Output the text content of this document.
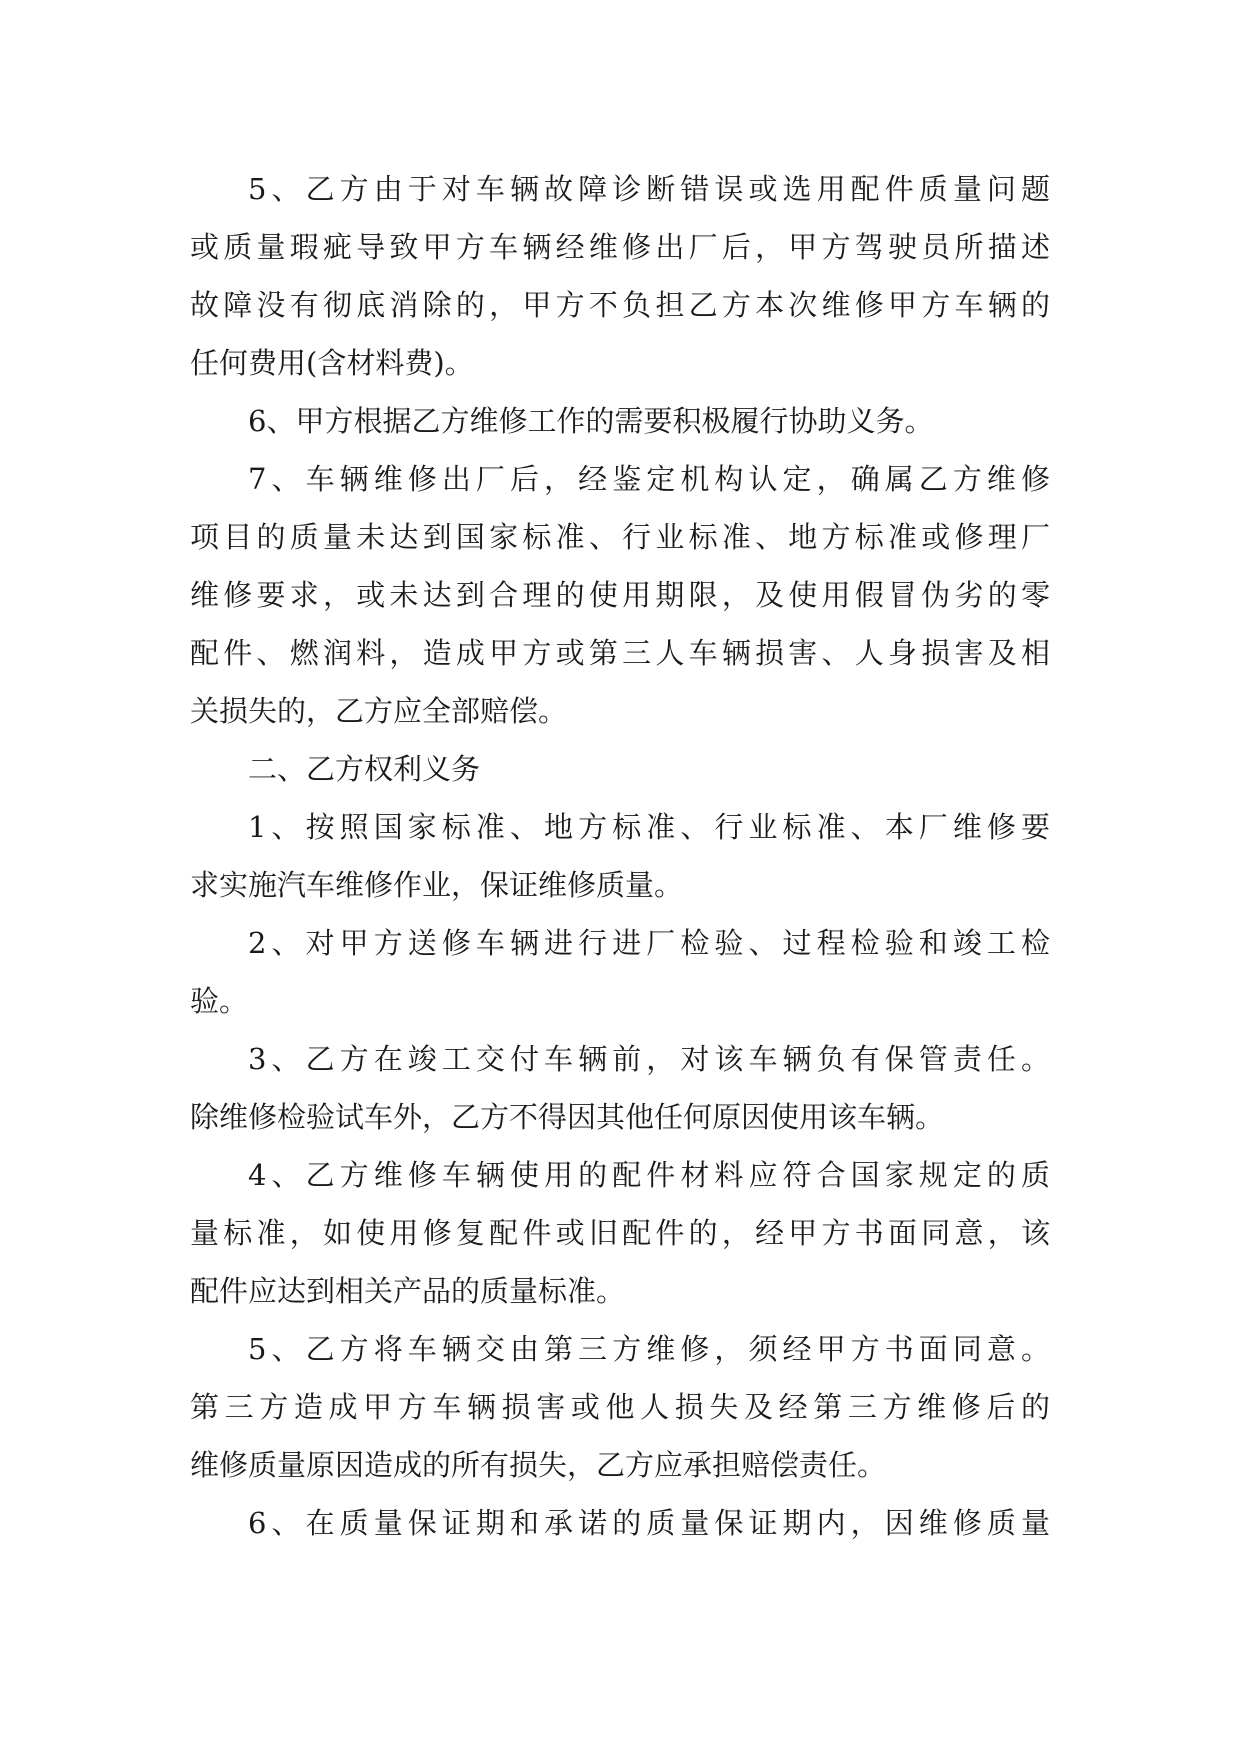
5、乙方由于对车辆故障诊断错误或选用配件质量问题
或质量瑕疵导致甲方车辆经维修出厂后，甲方驾驶员所描述
故障没有彻底消除的，甲方不负担乙方本次维修甲方车辆的
任何费用(含材料费)。
6、甲方根据乙方维修工作的需要积极履行协助义务。
7、车辆维修出厂后，经鉴定机构认定，确属乙方维修
项目的质量未达到国家标准、行业标准、地方标准或修理厂
维修要求，或未达到合理的使用期限，及使用假冒伪劣的零
配件、燃润料，造成甲方或第三人车辆损害、人身损害及相
关损失的，乙方应全部赔偿。
二、乙方权利义务
1、按照国家标准、地方标准、行业标准、本厂维修要
求实施汽车维修作业，保证维修质量。
2、对甲方送修车辆进行进厂检验、过程检验和竣工检
验。
3、乙方在竣工交付车辆前，对该车辆负有保管责任。
除维修检验试车外，乙方不得因其他任何原因使用该车辆。
4、乙方维修车辆使用的配件材料应符合国家规定的质
量标准，如使用修复配件或旧配件的，经甲方书面同意，该
配件应达到相关产品的质量标准。
5、乙方将车辆交由第三方维修，须经甲方书面同意。
第三方造成甲方车辆损害或他人损失及经第三方维修后的
维修质量原因造成的所有损失，乙方应承担赔偿责任。
6、在质量保证期和承诺的质量保证期内，因维修质量
